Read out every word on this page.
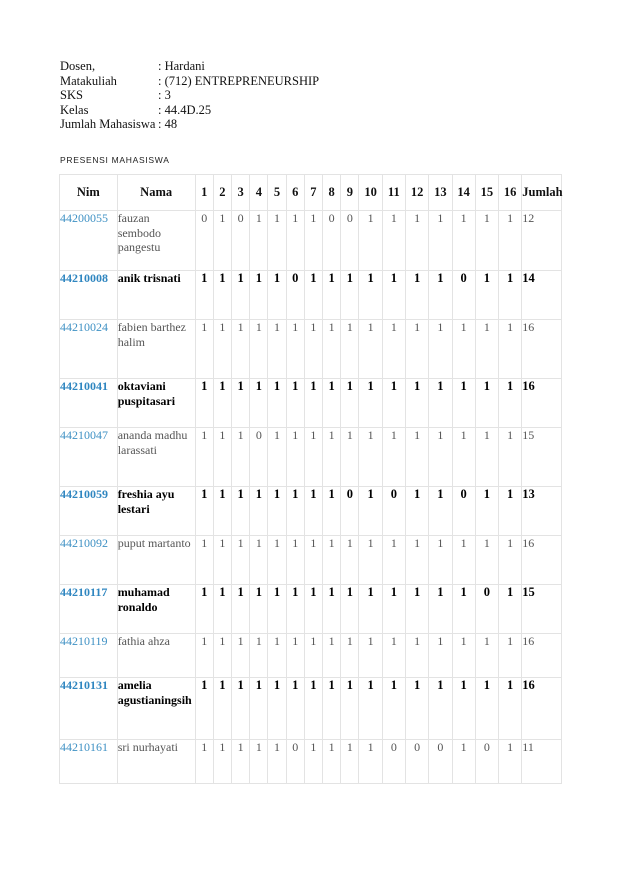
Dosen,	: Hardani
Matakuliah	: (712) ENTREPRENEURSHIP
SKS	: 3
Kelas	: 44.4D.25
Jumlah Mahasiswa : 48
PRESENSI MAHASISWA
Nim	Nama	1	2	3	4	5	6	7	8	9	10	11	12	13	14	15	16	Jumlah
44200055	fauzan sembodo pangestu	0	1	0	1	1	1	1	0	0	1	1	1	1	1	1	1	12
44210008	anik trisnati	1	1	1	1	1	0	1	1	1	1	1	1	1	0	1	1	14
44210024	fabien barthez halim	1	1	1	1	1	1	1	1	1	1	1	1	1	1	1	1	16
44210041	oktaviani puspitasari	1	1	1	1	1	1	1	1	1	1	1	1	1	1	1	1	16
44210047	ananda madhu larassati	1	1	1	0	1	1	1	1	1	1	1	1	1	1	1	1	15
44210059	freshia ayu lestari	1	1	1	1	1	1	1	1	0	1	0	1	1	0	1	1	13
44210092	puput martanto	1	1	1	1	1	1	1	1	1	1	1	1	1	1	1	1	16
44210117	muhamad ronaldo	1	1	1	1	1	1	1	1	1	1	1	1	1	1	0	1	15
44210119	fathia ahza	1	1	1	1	1	1	1	1	1	1	1	1	1	1	1	1	16
44210131	amelia agustianingsih	1	1	1	1	1	1	1	1	1	1	1	1	1	1	1	1	16
44210161	sri nurhayati	1	1	1	1	1	0	1	1	1	1	0	0	0	1	0	1	11
